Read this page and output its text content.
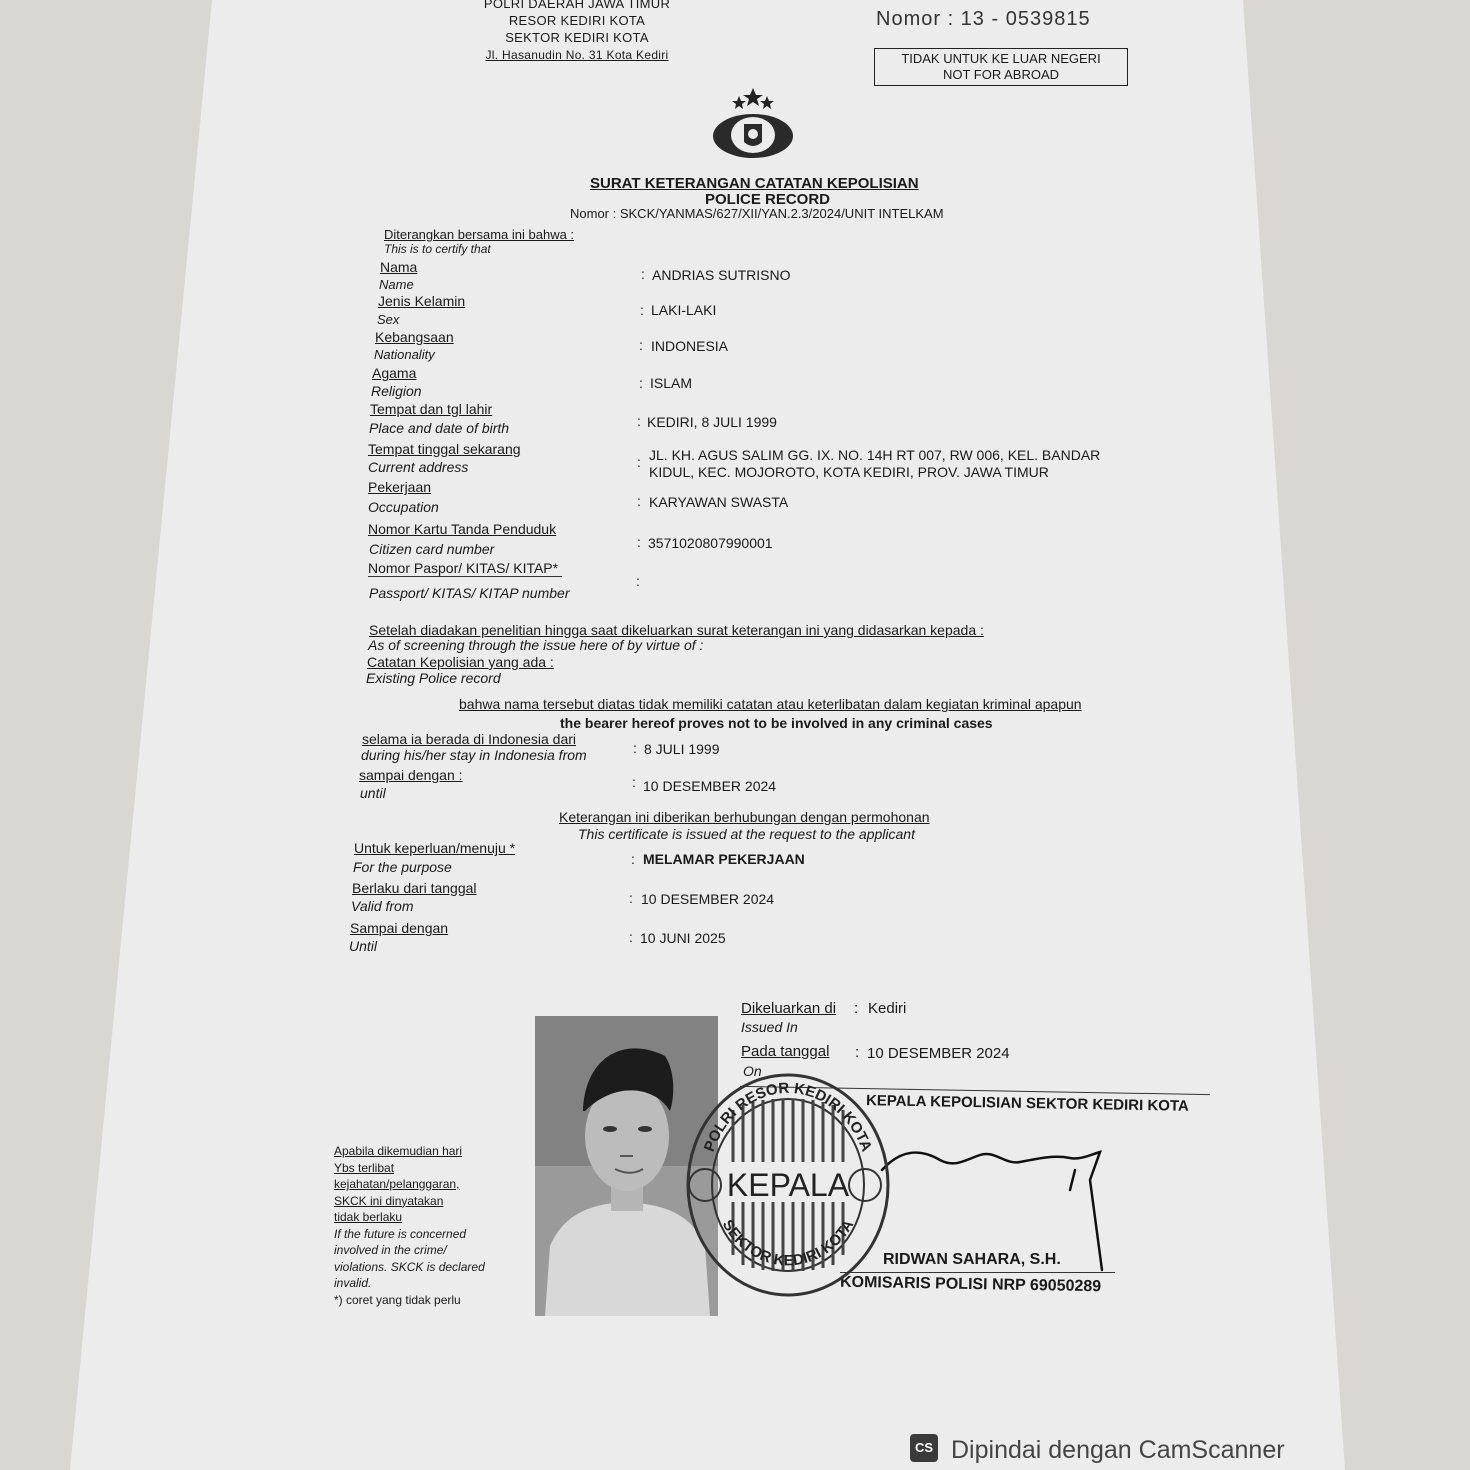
POLRI DAERAH JAWA TIMUR
RESOR KEDIRI KOTA
SEKTOR KEDIRI KOTA
Jl. Hasanudin No. 31 Kota Kediri
Nomor : 13 - 0539815
TIDAK UNTUK KE LUAR NEGERI
NOT FOR ABROAD
SURAT KETERANGAN CATATAN KEPOLISIAN
POLICE RECORD
Nomor : SKCK/YANMAS/627/XII/YAN.2.3/2024/UNIT INTELKAM
Diterangkan bersama ini bahwa :
This is to certify that
Nama
Name
: ANDRIAS SUTRISNO
Jenis Kelamin
Sex
: LAKI-LAKI
Kebangsaan
Nationality
: INDONESIA
Agama
Religion	: ISLAM
Tempat dan tgl lahir
Place and date of birth	: KEDIRI, 8 JULI 1999
Tempat tinggal sekarang
Current address	: JL. KH. AGUS SALIM GG. IX. NO. 14H RT 007, RW 006, KEL. BANDAR
KIDUL, KEC. MOJOROTO, KOTA KEDIRI, PROV. JAWA TIMUR
Pekerjaan
Occupation	: KARYAWAN SWASTA
Nomor Kartu Tanda Penduduk
Citizen card number	: 3571020807990001
Nomor Paspor/ KITAS/ KITAP*
Passport/ KITAS/ KITAP number
:
Setelah diadakan penelitian hingga saat dikeluarkan surat keterangan ini yang didasarkan kepada :
As of screening through the issue here of by virtue of :
Catatan Kepolisian yang ada :
Existing Police record
bahwa nama tersebut diatas tidak memiliki catatan atau keterlibatan dalam kegiatan kriminal apapun
the bearer hereof proves not to be involved in any criminal cases
selama ia berada di Indonesia dari
during his/her stay in Indonesia from	: 8 JULI 1999
sampai dengan :
until
: 10 DESEMBER 2024
Keterangan ini diberikan berhubungan dengan permohonan
This certificate is issued at the request to the applicant
Untuk keperluan/menuju *
For the purpose	: MELAMAR PEKERJAAN
Berlaku dari tanggal
Valid from	: 10 DESEMBER 2024
Sampai dengan
Until
: 10 JUNI 2025
Dikeluarkan di
Issued In
: Kediri
Pada tanggal : 10 DESEMBER 2024
On
KEPALA KEPOLISIAN SEKTOR KEDIRI KOTA
RIDWAN SAHARA, S.H.
KOMISARIS POLISI NRP 69050289
KEPALA
POLRI RESOR KEDIRI KOTA
SEKTOR KEDIRI KOTA
Apabila dikemudian hari
Ybs terlibat
kejahatan/pelanggaran,
SKCK ini dinyatakan
tidak berlaku
If the future is concerned
involved in the crime/
violations. SKCK is declared
invalid.
*) coret yang tidak perlu
CS Dipindai dengan CamScanner
